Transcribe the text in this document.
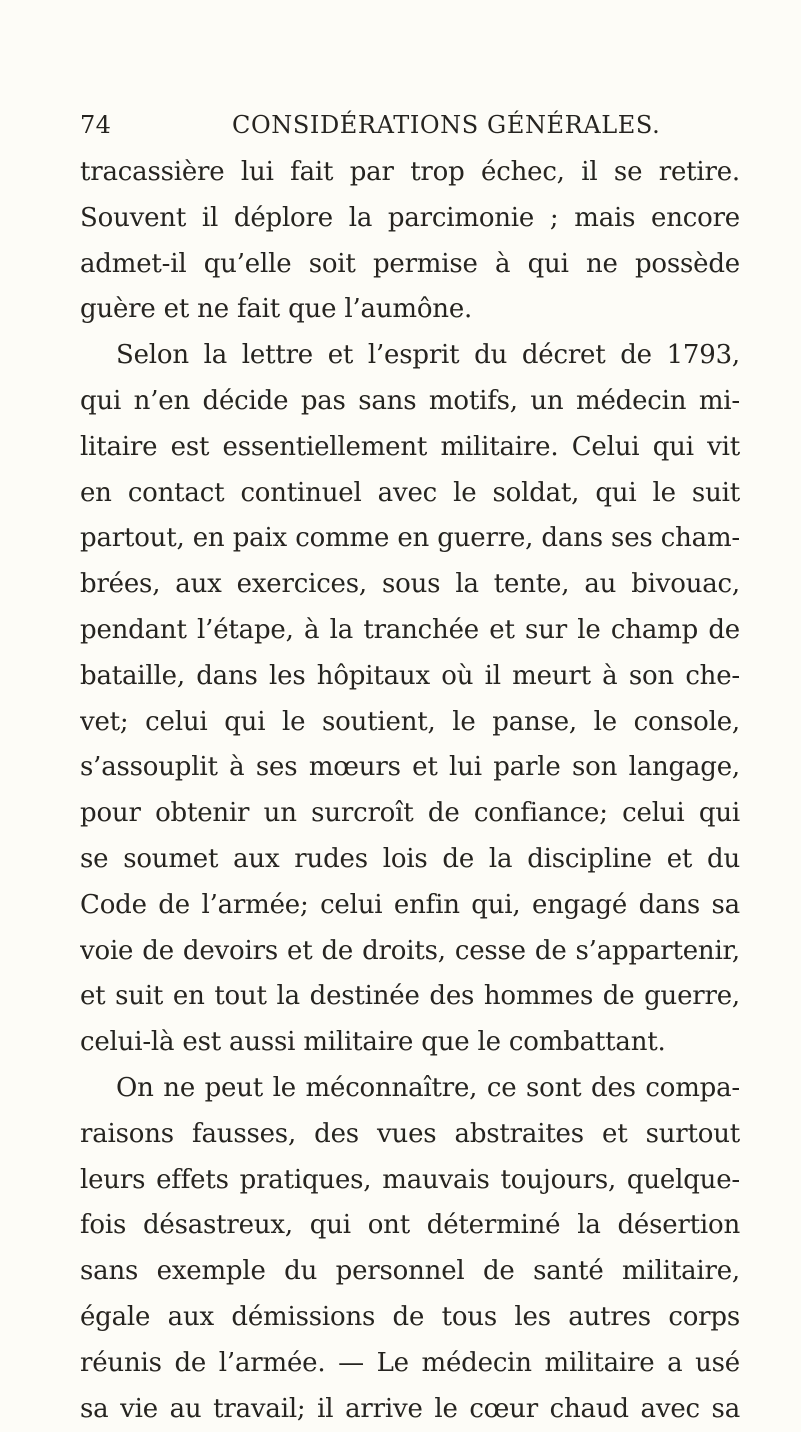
74	CONSIDÉRATIONS GÉNÉRALES.
tracassière lui fait par trop échec, il se retire.
Souvent il déplore la parcimonie ; mais encore
admet-il qu’elle soit permise à qui ne possède
guère et ne fait que l’aumône.
Selon la lettre et l’esprit du décret de 1793,
qui n’en décide pas sans motifs, un médecin mi-
litaire est essentiellement militaire. Celui qui vit
en contact continuel avec le soldat, qui le suit
partout, en paix comme en guerre, dans ses cham-
brées, aux exercices, sous la tente, au bivouac,
pendant l’étape, à la tranchée et sur le champ de
bataille, dans les hôpitaux où il meurt à son che-
vet; celui qui le soutient, le panse, le console,
s’assouplit à ses mœurs et lui parle son langage,
pour obtenir un surcroît de confiance; celui qui
se soumet aux rudes lois de la discipline et du
Code de l’armée; celui enfin qui, engagé dans sa
voie de devoirs et de droits, cesse de s’appartenir,
et suit en tout la destinée des hommes de guerre,
celui-là est aussi militaire que le combattant.
On ne peut le méconnaître, ce sont des compa-
raisons fausses, des vues abstraites et surtout
leurs effets pratiques, mauvais toujours, quelque-
fois désastreux, qui ont déterminé la désertion
sans exemple du personnel de santé militaire,
égale aux démissions de tous les autres corps
réunis de l’armée. — Le médecin militaire a usé
sa vie au travail; il arrive le cœur chaud avec sa
